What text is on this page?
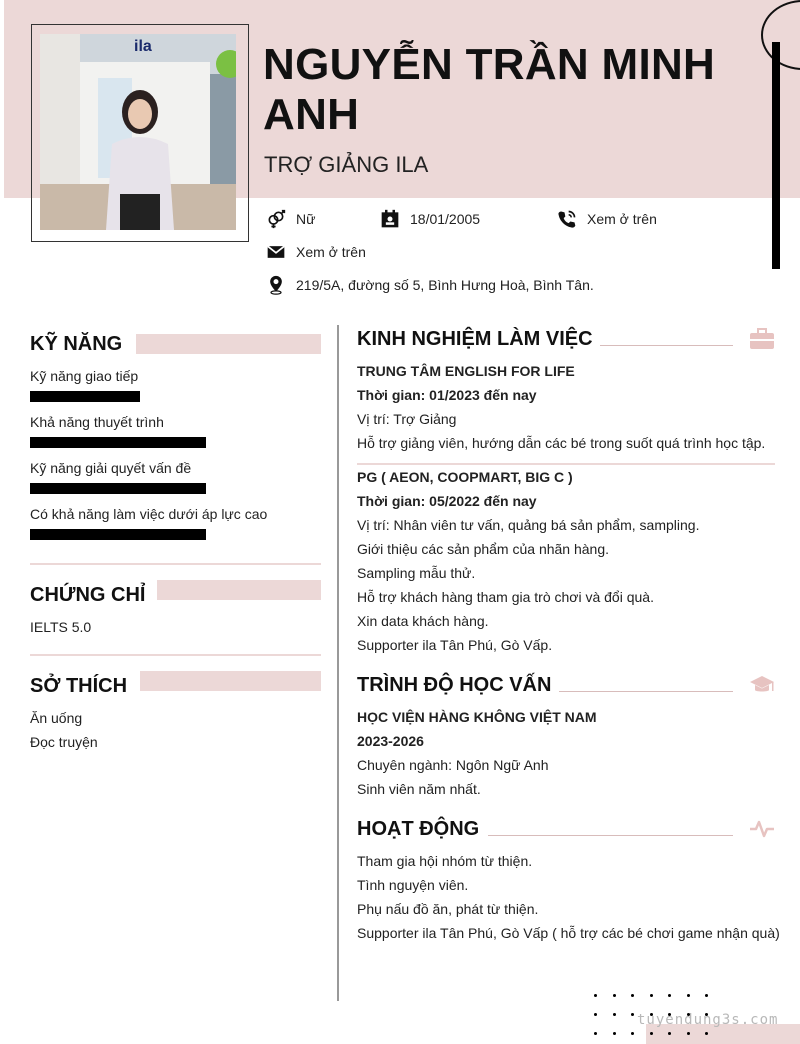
ila	NGUYỄN TRẦN MINH ANH
TRỢ GIẢNG ILA
Nữ	18/01/2005	Xem ở trên
Xem ở trên
219/5A, đường số 5, Bình Hưng Hoà, Bình Tân.
KỸ NĂNG
Kỹ năng giao tiếp
Khả năng thuyết trình
Kỹ năng giải quyết vấn đề
Có khả năng làm việc dưới áp lực cao
CHỨNG CHỈ
IELTS 5.0
SỞ THÍCH
Ăn uống
Đọc truyện
KINH NGHIỆM LÀM VIỆC
TRUNG TÂM ENGLISH FOR LIFE
Thời gian: 01/2023 đến nay
Vị trí: Trợ Giảng
Hỗ trợ giảng viên, hướng dẫn các bé trong suốt quá trình học tập.
PG ( AEON, COOPMART, BIG C )
Thời gian: 05/2022 đến nay
Vị trí: Nhân viên tư vấn, quảng bá sản phẩm, sampling.
Giới thiệu các sản phẩm của nhãn hàng.
Sampling mẫu thử.
Hỗ trợ khách hàng tham gia trò chơi và đổi quà.
Xin data khách hàng.
Supporter ila Tân Phú, Gò Vấp.
TRÌNH ĐỘ HỌC VẤN
HỌC VIỆN HÀNG KHÔNG VIỆT NAM
2023-2026
Chuyên ngành: Ngôn Ngữ Anh
Sinh viên năm nhất.
HOẠT ĐỘNG
Tham gia hội nhóm từ thiện.
Tình nguyện viên.
Phụ nấu đồ ăn, phát từ thiện.
Supporter ila Tân Phú, Gò Vấp ( hỗ trợ các bé chơi game nhận quà)
tuyendung3s.com
